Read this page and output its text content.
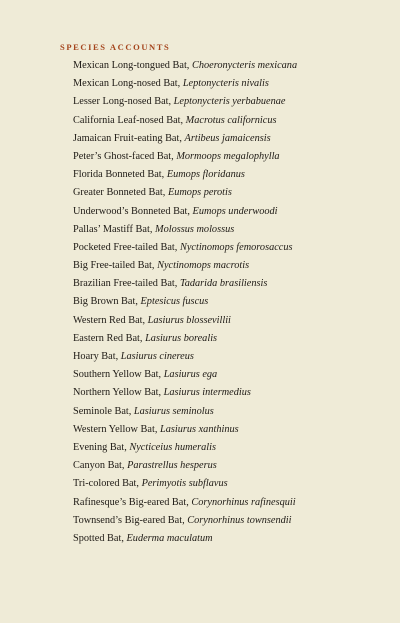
SPECIES ACCOUNTS
Mexican Long-tongued Bat, Choeronycteris mexicana
Mexican Long-nosed Bat, Leptonycteris nivalis
Lesser Long-nosed Bat, Leptonycteris yerbabuenae
California Leaf-nosed Bat, Macrotus californicus
Jamaican Fruit-eating Bat, Artibeus jamaicensis
Peter’s Ghost-faced Bat, Mormoops megalophylla
Florida Bonneted Bat, Eumops floridanus
Greater Bonneted Bat, Eumops perotis
Underwood’s Bonneted Bat, Eumops underwoodi
Pallas’ Mastiff Bat, Molossus molossus
Pocketed Free-tailed Bat, Nyctinomops femorosaccus
Big Free-tailed Bat, Nyctinomops macrotis
Brazilian Free-tailed Bat, Tadarida brasiliensis
Big Brown Bat, Eptesicus fuscus
Western Red Bat, Lasiurus blossevillii
Eastern Red Bat, Lasiurus borealis
Hoary Bat, Lasiurus cinereus
Southern Yellow Bat, Lasiurus ega
Northern Yellow Bat, Lasiurus intermedius
Seminole Bat, Lasiurus seminolus
Western Yellow Bat, Lasiurus xanthinus
Evening Bat, Nycticeius humeralis
Canyon Bat, Parastrellus hesperus
Tri-colored Bat, Perimyotis subflavus
Rafinesque’s Big-eared Bat, Corynorhinus rafinesquii
Townsend’s Big-eared Bat, Corynorhinus townsendii
Spotted Bat, Euderma maculatum
